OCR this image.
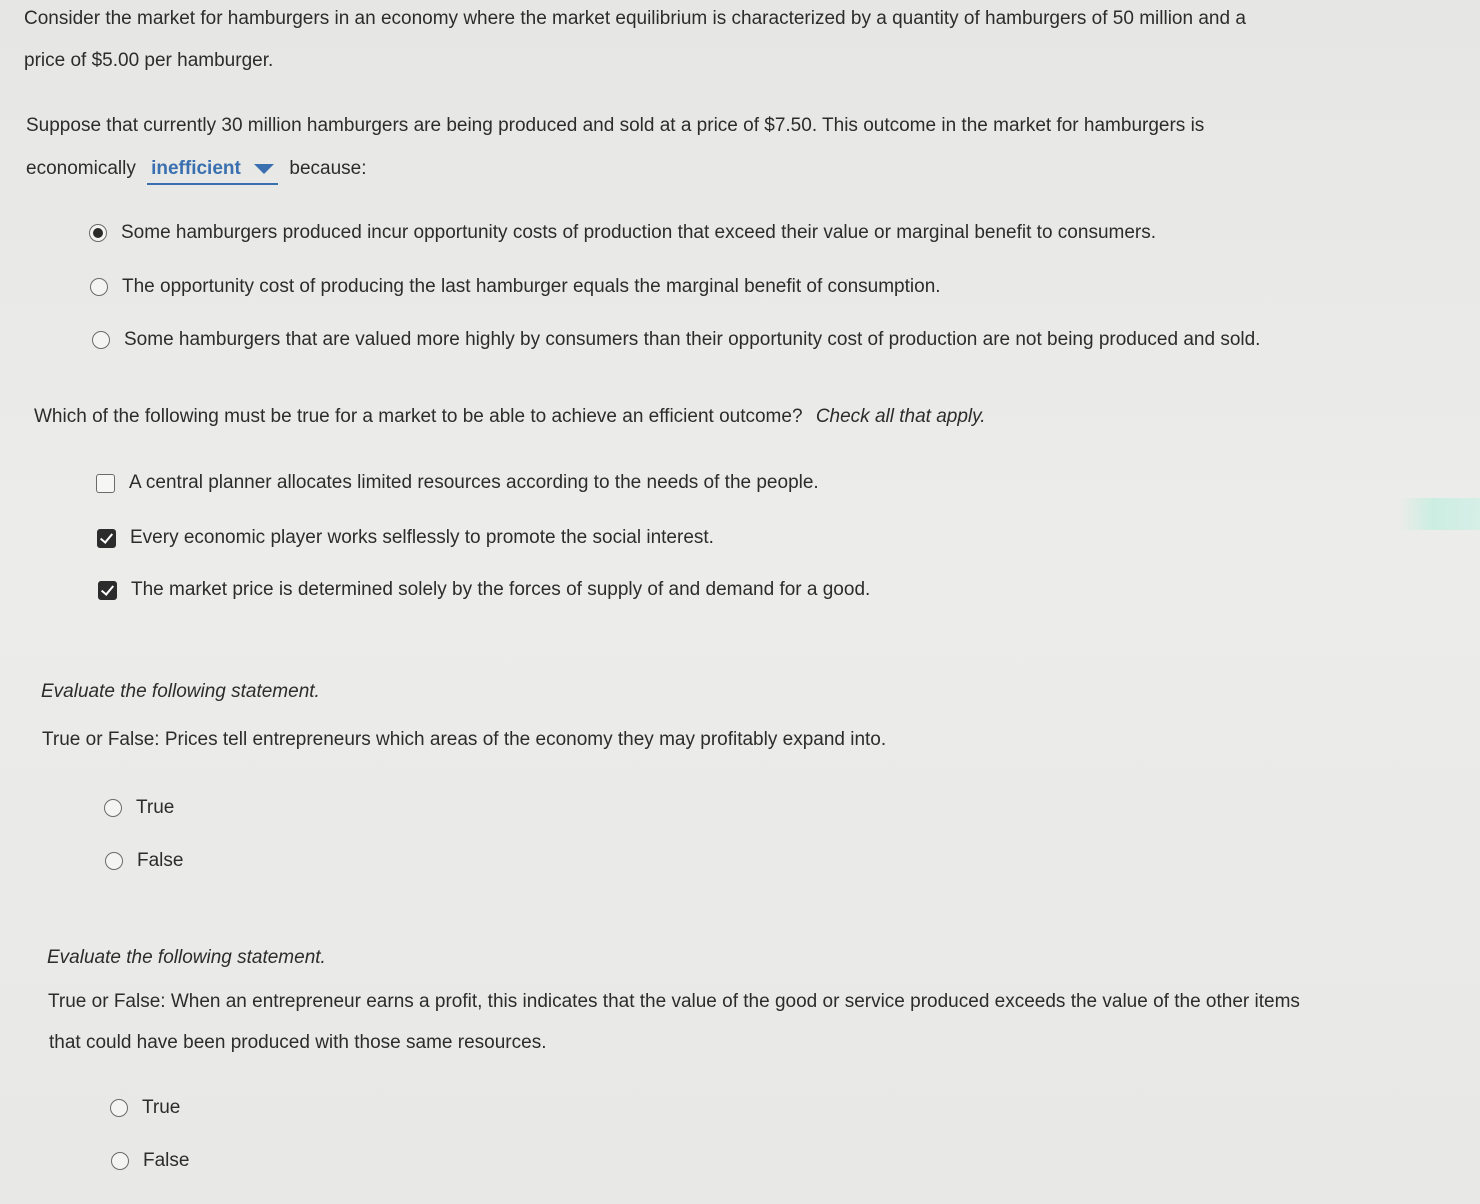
Consider the market for hamburgers in an economy where the market equilibrium is characterized by a quantity of hamburgers of 50 million and a
price of $5.00 per hamburger.
Suppose that currently 30 million hamburgers are being produced and sold at a price of $7.50. This outcome in the market for hamburgers is
economically inefficient	because:
Some hamburgers produced incur opportunity costs of production that exceed their value or marginal benefit to consumers.
The opportunity cost of producing the last hamburger equals the marginal benefit of consumption.
Some hamburgers that are valued more highly by consumers than their opportunity cost of production are not being produced and sold.
Which of the following must be true for a market to be able to achieve an efficient outcome? Check all that apply.
A central planner allocates limited resources according to the needs of the people.
Every economic player works selflessly to promote the social interest.
The market price is determined solely by the forces of supply of and demand for a good.
Evaluate the following statement.
True or False: Prices tell entrepreneurs which areas of the economy they may profitably expand into.
True
False
Evaluate the following statement.
True or False: When an entrepreneur earns a profit, this indicates that the value of the good or service produced exceeds the value of the other items
that could have been produced with those same resources.
True
False
